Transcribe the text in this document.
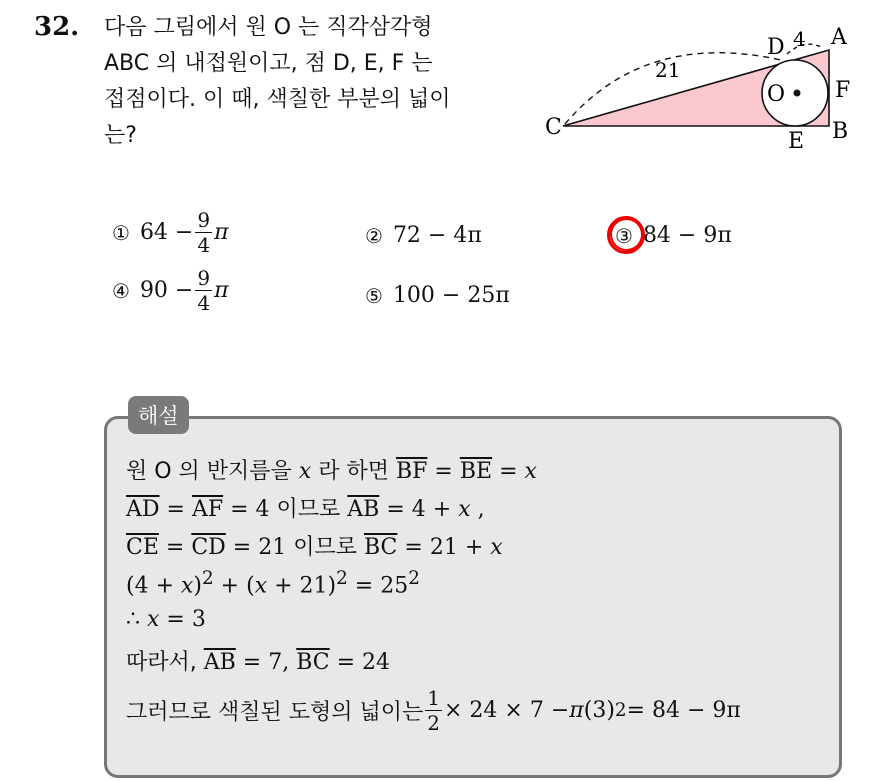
32. 다음 그림에서 원 O 는 직각삼각형
ABC 의 내접원이고, 점 D, E, F 는
접점이다. 이 때, 색칠한 부분의 넓이
는?	C
A
B
D
E
F
O
21
4
① $64 - \frac{9}{4}$ π	② 72 − 4π	③ 84 − 9π
④ $90 - \frac{9}{4}$ π	⑤ 100 − 25π
해설
원 O 의 반지름을 x 라 하면 $\overline{BF} = \overline{BE} = x$
$\overline{AD} = \overline{AF} = 4$ 이므로 $\overline{AB} = 4 + x$ ,
$\overline{CE} = \overline{CD} = 21$ 이므로 $\overline{BC} = 21 + x$
$(4 + x)^2 + (x + 21)^2 = 25^2$
∴ x = 3
따라서, $\overline{AB} = 7$, $\overline{BC} = 24$
그러므로 색칠된 도형의 넓이는 $\frac{1}{2} \times 24 \times 7 - \pi$ (3) 2 = 84 − 9π
